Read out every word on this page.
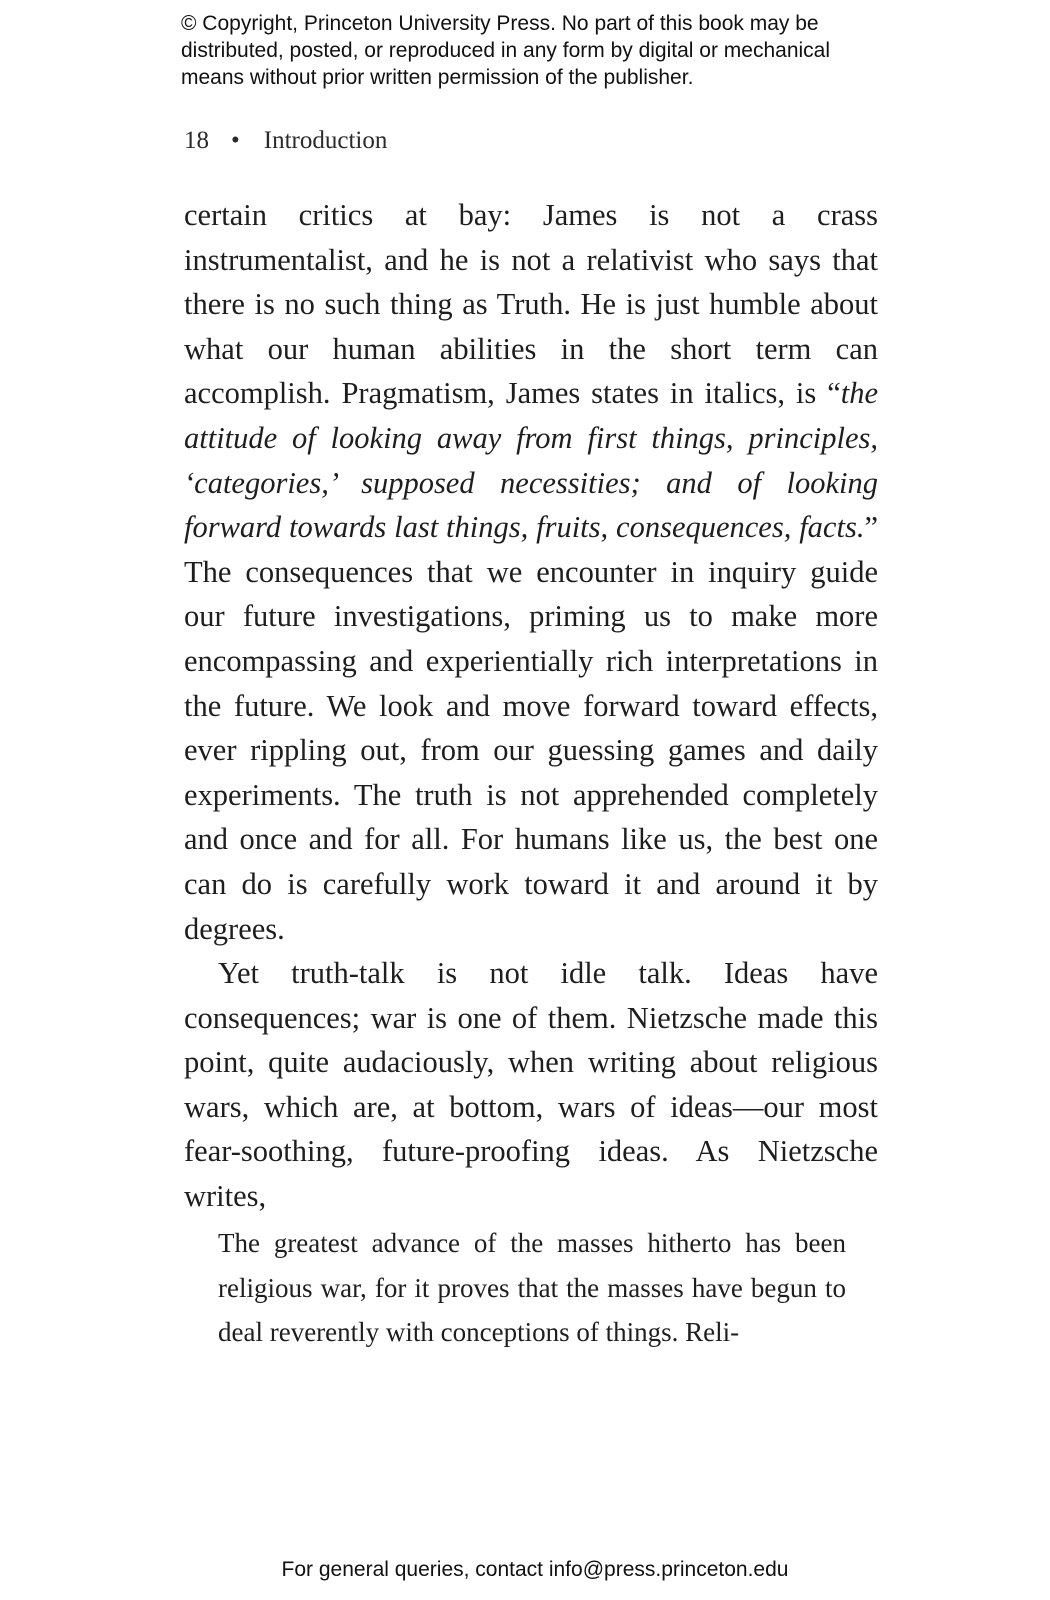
© Copyright, Princeton University Press. No part of this book may be
distributed, posted, or reproduced in any form by digital or mechanical
means without prior written permission of the publisher.
18 • Introduction

certain critics at bay: James is not a crass instrumentalist, and he is not a relativist who says that there is no such thing as Truth. He is just humble about what our human abilities in the short term can accomplish. Pragmatism, James states in italics, is “the attitude of looking away from first things, principles, ‘categories,’ supposed necessities; and of looking forward towards last things, fruits, consequences, facts.” The consequences that we encounter in inquiry guide our future investigations, priming us to make more encompassing and experientially rich interpretations in the future. We look and move forward toward effects, ever rippling out, from our guessing games and daily experiments. The truth is not apprehended completely and once and for all. For humans like us, the best one can do is carefully work toward it and around it by degrees.

Yet truth-talk is not idle talk. Ideas have consequences; war is one of them. Nietzsche made this point, quite audaciously, when writing about religious wars, which are, at bottom, wars of ideas—our most fear-soothing, future-proofing ideas. As Nietzsche writes,

The greatest advance of the masses hitherto has been religious war, for it proves that the masses have begun to deal reverently with conceptions of things. Reli-
For general queries, contact info@press.princeton.edu
